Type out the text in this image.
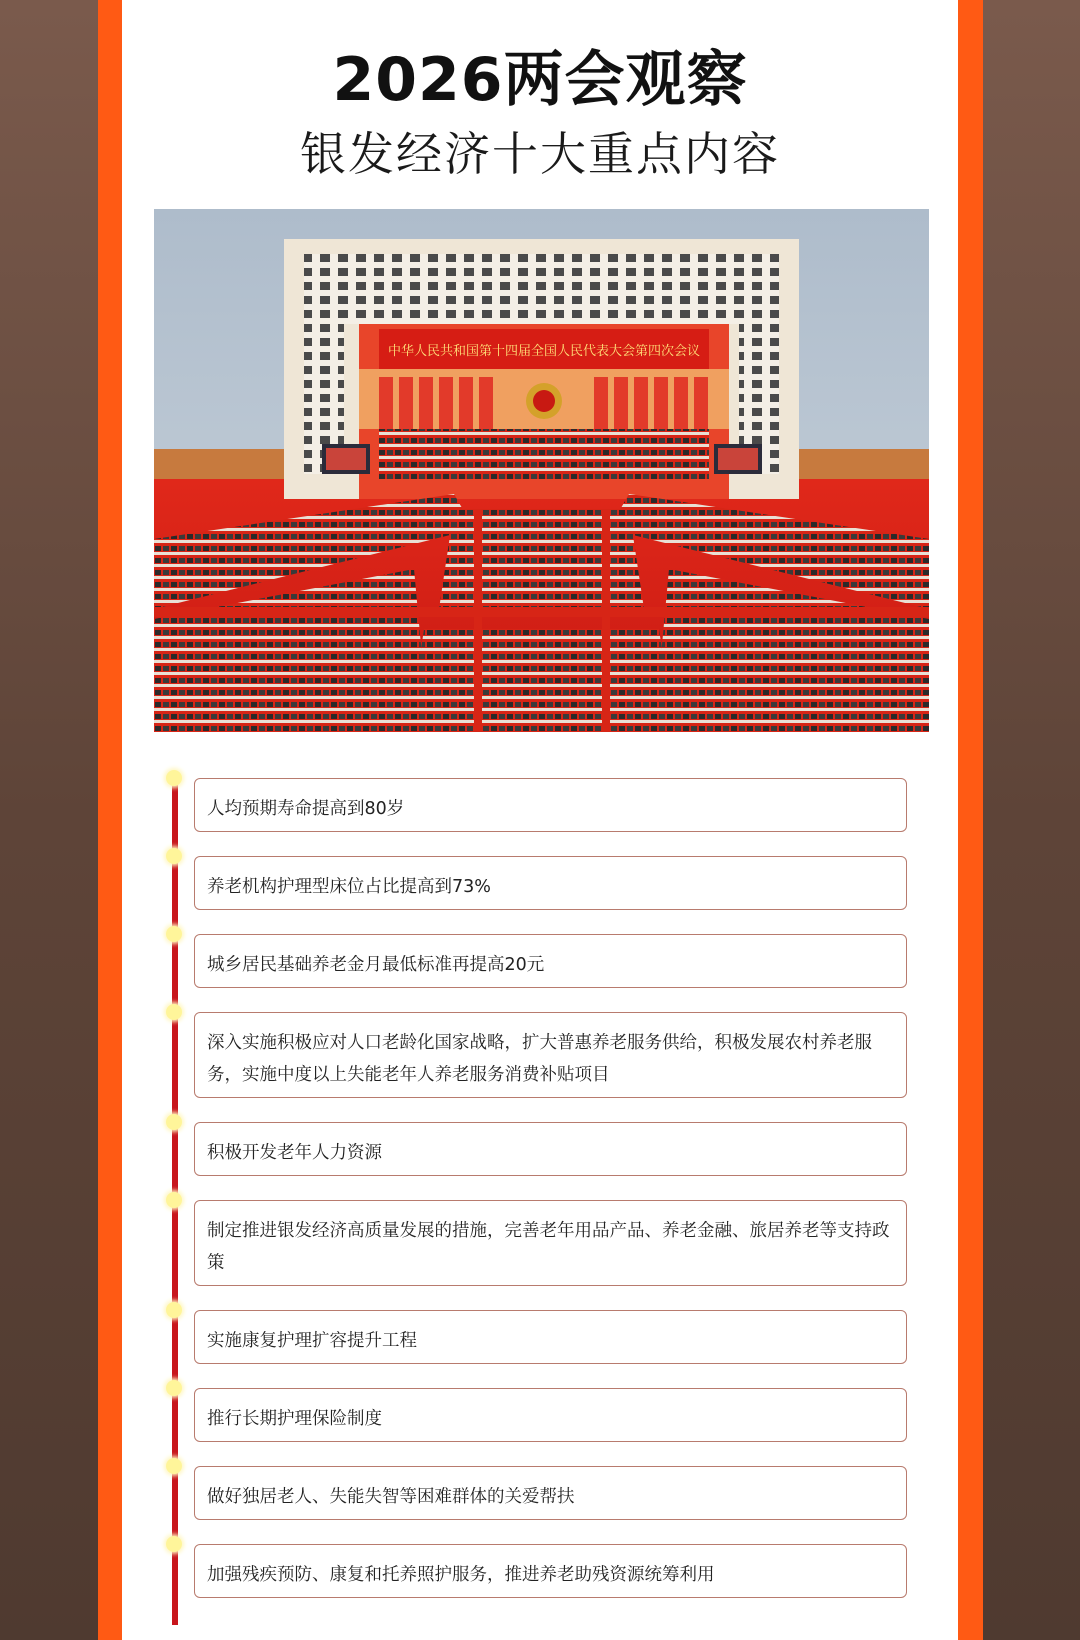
2026两会观察
银发经济十大重点内容
中华人民共和国第十四届全国人民代表大会第四次会议
人均预期寿命提高到80岁
养老机构护理型床位占比提高到73%
城乡居民基础养老金月最低标准再提高20元
深入实施积极应对人口老龄化国家战略，扩大普惠养老服务供给，积极发展农村养老服务，实施中度以上失能老年人养老服务消费补贴项目
积极开发老年人力资源
制定推进银发经济高质量发展的措施，完善老年用品产品、养老金融、旅居养老等支持政策
实施康复护理扩容提升工程
推行长期护理保险制度
做好独居老人、失能失智等困难群体的关爱帮扶
加强残疾预防、康复和托养照护服务，推进养老助残资源统筹利用
